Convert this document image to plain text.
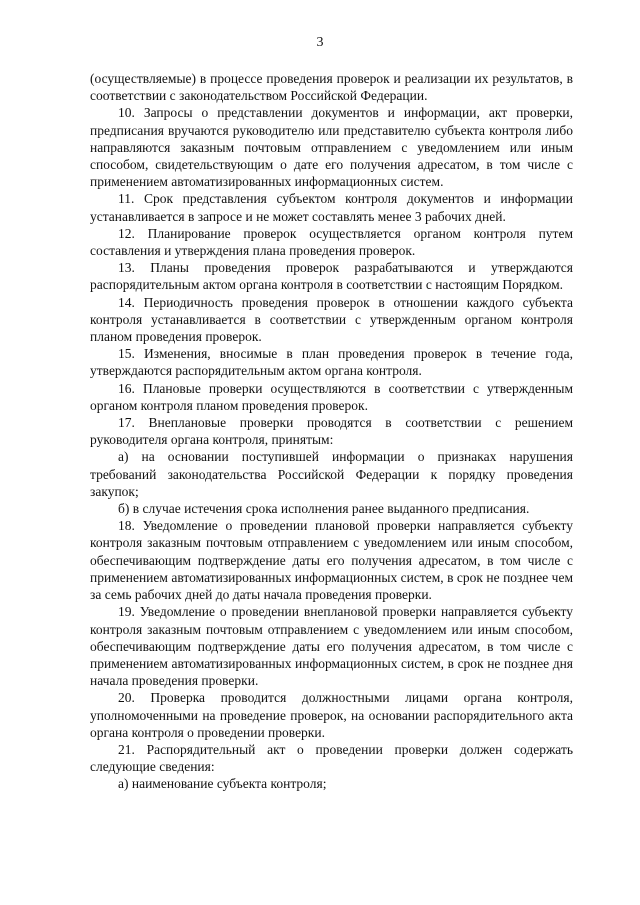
3

(осуществляемые) в процессе проведения проверок и реализации их результатов, в соответствии с законодательством Российской Федерации.

10. Запросы о представлении документов и информации, акт проверки, предписания вручаются руководителю или представителю субъекта контроля либо направляются заказным почтовым отправлением с уведомлением или иным способом, свидетельствующим о дате его получения адресатом, в том числе с применением автоматизированных информационных систем.

11. Срок представления субъектом контроля документов и информации устанавливается в запросе и не может составлять менее 3 рабочих дней.

12. Планирование проверок осуществляется органом контроля путем составления и утверждения плана проведения проверок.

13. Планы проведения проверок разрабатываются и утверждаются распорядительным актом органа контроля в соответствии с настоящим Порядком.

14. Периодичность проведения проверок в отношении каждого субъекта контроля устанавливается в соответствии с утвержденным органом контроля планом проведения проверок.

15. Изменения, вносимые в план проведения проверок в течение года, утверждаются распорядительным актом органа контроля.

16. Плановые проверки осуществляются в соответствии с утвержденным органом контроля планом проведения проверок.

17. Внеплановые проверки проводятся в соответствии с решением руководителя органа контроля, принятым:

а) на основании поступившей информации о признаках нарушения требований законодательства Российской Федерации к порядку проведения закупок;

б) в случае истечения срока исполнения ранее выданного предписания.

18. Уведомление о проведении плановой проверки направляется субъекту контроля заказным почтовым отправлением с уведомлением или иным способом, обеспечивающим подтверждение даты его получения адресатом, в том числе с применением автоматизированных информационных систем, в срок не позднее чем за семь рабочих дней до даты начала проведения проверки.

19. Уведомление о проведении внеплановой проверки направляется субъекту контроля заказным почтовым отправлением с уведомлением или иным способом, обеспечивающим подтверждение даты его получения адресатом, в том числе с применением автоматизированных информационных систем, в срок не позднее дня начала проведения проверки.

20. Проверка проводится должностными лицами органа контроля, уполномоченными на проведение проверок, на основании распорядительного акта органа контроля о проведении проверки.

21. Распорядительный акт о проведении проверки должен содержать следующие сведения:

а) наименование субъекта контроля;
